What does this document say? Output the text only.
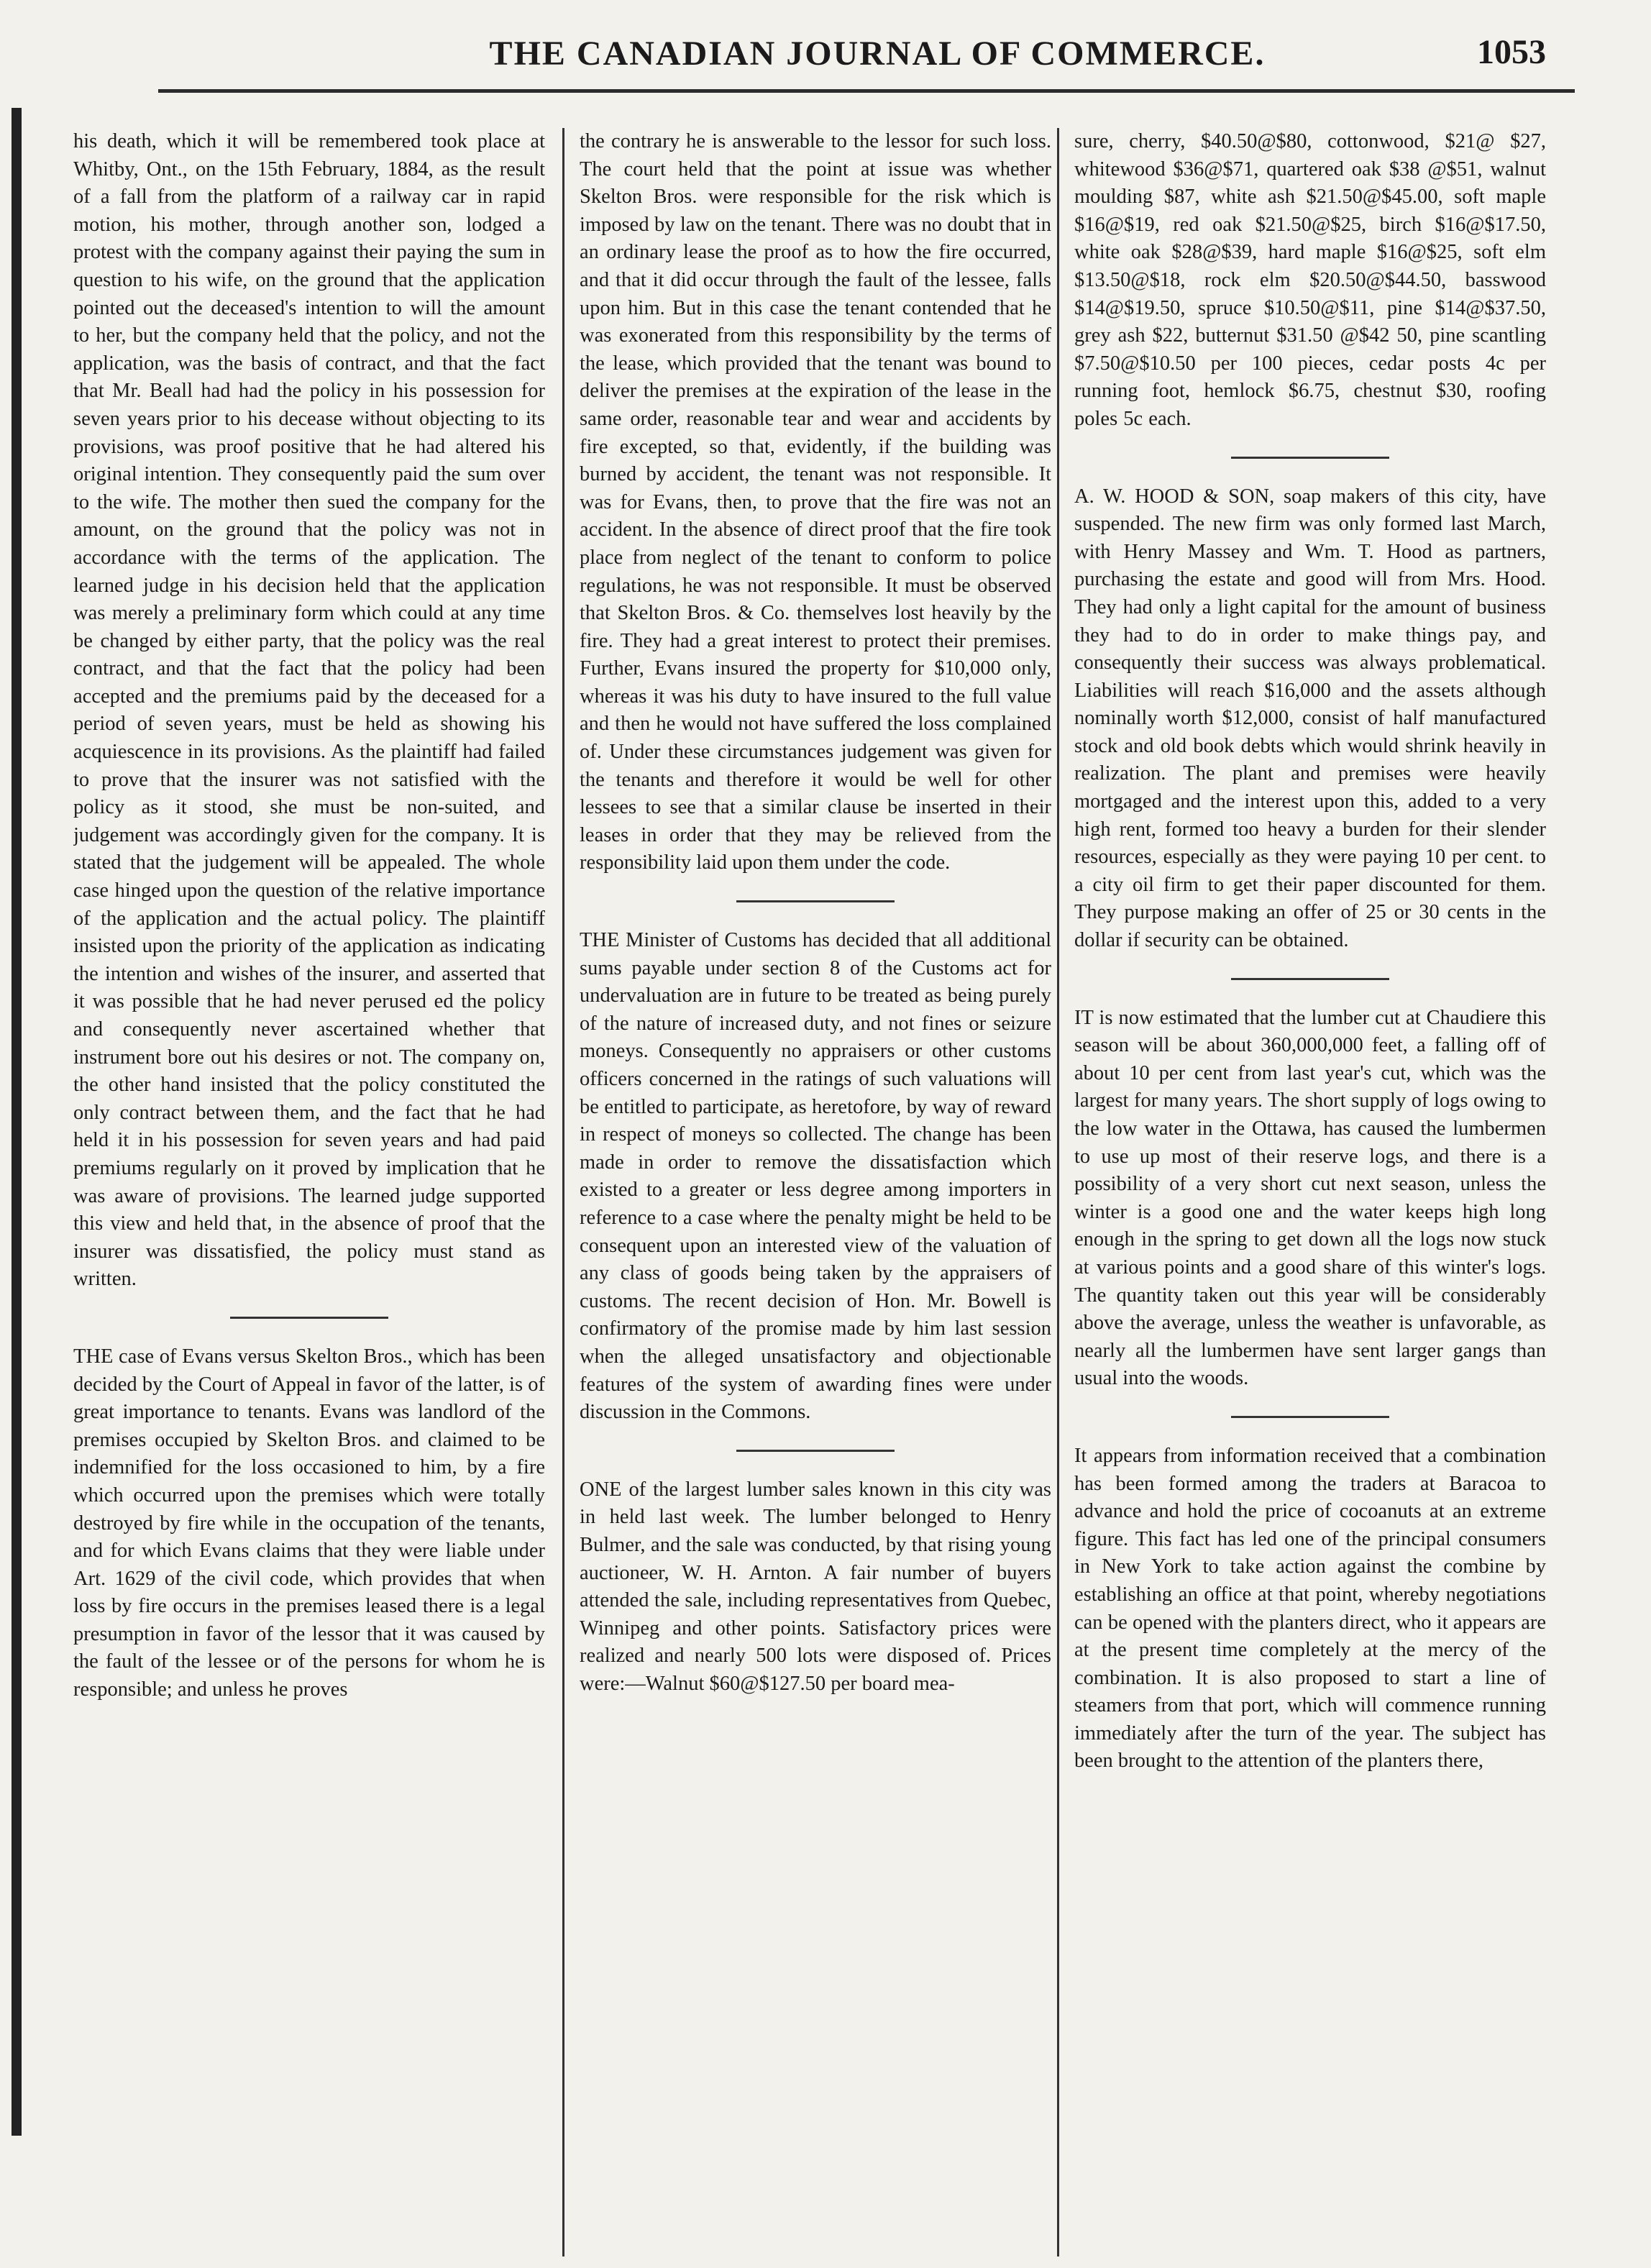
THE CANADIAN JOURNAL OF COMMERCE.	1053

his death, which it will be remembered took place at Whitby, Ont., on the 15th February, 1884, as the result of a fall from the platform of a railway car in rapid motion, his mother, through another son, lodged a protest with the company against their paying the sum in question to his wife, on the ground that the application pointed out the deceased's intention to will the amount to her, but the company held that the policy, and not the application, was the basis of contract, and that the fact that Mr. Beall had had the policy in his possession for seven years prior to his decease without objecting to its provisions, was proof positive that he had altered his original intention. They consequently paid the sum over to the wife. The mother then sued the company for the amount, on the ground that the policy was not in accordance with the terms of the application. The learned judge in his decision held that the application was merely a preliminary form which could at any time be changed by either party, that the policy was the real contract, and that the fact that the policy had been accepted and the premiums paid by the deceased for a period of seven years, must be held as showing his acquiescence in its provisions. As the plaintiff had failed to prove that the insurer was not satisfied with the policy as it stood, she must be non-suited, and judgement was accordingly given for the company. It is stated that the judgement will be appealed. The whole case hinged upon the question of the relative importance of the application and the actual policy. The plaintiff insisted upon the priority of the application as indicating the intention and wishes of the insurer, and asserted that it was possible that he had never perused ed the policy and consequently never ascertained whether that instrument bore out his desires or not. The company on, the other hand insisted that the policy constituted the only contract between them, and the fact that he had held it in his possession for seven years and had paid premiums regularly on it proved by implication that he was aware of provisions. The learned judge supported this view and held that, in the absence of proof that the insurer was dissatisfied, the policy must stand as written.

THE case of Evans versus Skelton Bros., which has been decided by the Court of Appeal in favor of the latter, is of great importance to tenants. Evans was landlord of the premises occupied by Skelton Bros. and claimed to be indemnified for the loss occasioned to him, by a fire which occurred upon the premises which were totally destroyed by fire while in the occupation of the tenants, and for which Evans claims that they were liable under Art. 1629 of the civil code, which provides that when loss by fire occurs in the premises leased there is a legal presumption in favor of the lessor that it was caused by the fault of the lessee or of the persons for whom he is responsible; and unless he proves

the contrary he is answerable to the lessor for such loss. The court held that the point at issue was whether Skelton Bros. were responsible for the risk which is imposed by law on the tenant. There was no doubt that in an ordinary lease the proof as to how the fire occurred, and that it did occur through the fault of the lessee, falls upon him. But in this case the tenant contended that he was exonerated from this responsibility by the terms of the lease, which provided that the tenant was bound to deliver the premises at the expiration of the lease in the same order, reasonable tear and wear and accidents by fire excepted, so that, evidently, if the building was burned by accident, the tenant was not responsible. It was for Evans, then, to prove that the fire was not an accident. In the absence of direct proof that the fire took place from neglect of the tenant to conform to police regulations, he was not responsible. It must be observed that Skelton Bros. & Co. themselves lost heavily by the fire. They had a great interest to protect their premises. Further, Evans insured the property for $10,000 only, whereas it was his duty to have insured to the full value and then he would not have suffered the loss complained of. Under these circumstances judgement was given for the tenants and therefore it would be well for other lessees to see that a similar clause be inserted in their leases in order that they may be relieved from the responsibility laid upon them under the code.

THE Minister of Customs has decided that all additional sums payable under section 8 of the Customs act for undervaluation are in future to be treated as being purely of the nature of increased duty, and not fines or seizure moneys. Consequently no appraisers or other customs officers concerned in the ratings of such valuations will be entitled to participate, as heretofore, by way of reward in respect of moneys so collected. The change has been made in order to remove the dissatisfaction which existed to a greater or less degree among importers in reference to a case where the penalty might be held to be consequent upon an interested view of the valuation of any class of goods being taken by the appraisers of customs. The recent decision of Hon. Mr. Bowell is confirmatory of the promise made by him last session when the alleged unsatisfactory and objectionable features of the system of awarding fines were under discussion in the Commons.

ONE of the largest lumber sales known in this city was in held last week. The lumber belonged to Henry Bulmer, and the sale was conducted, by that rising young auctioneer, W. H. Arnton. A fair number of buyers attended the sale, including representatives from Quebec, Winnipeg and other points. Satisfactory prices were realized and nearly 500 lots were disposed of. Prices were:—Walnut $60@$127.50 per board mea-

sure, cherry, $40.50@$80, cottonwood, $21@ $27, whitewood $36@$71, quartered oak $38 @$51, walnut moulding $87, white ash $21.50@$45.00, soft maple $16@$19, red oak $21.50@$25, birch $16@$17.50, white oak $28@$39, hard maple $16@$25, soft elm $13.50@$18, rock elm $20.50@$44.50, basswood $14@$19.50, spruce $10.50@$11, pine $14@$37.50, grey ash $22, butternut $31.50 @$42 50, pine scantling $7.50@$10.50 per 100 pieces, cedar posts 4c per running foot, hemlock $6.75, chestnut $30, roofing poles 5c each.

A. W. HOOD & SON, soap makers of this city, have suspended. The new firm was only formed last March, with Henry Massey and Wm. T. Hood as partners, purchasing the estate and good will from Mrs. Hood. They had only a light capital for the amount of business they had to do in order to make things pay, and consequently their success was always problematical. Liabilities will reach $16,000 and the assets although nominally worth $12,000, consist of half manufactured stock and old book debts which would shrink heavily in realization. The plant and premises were heavily mortgaged and the interest upon this, added to a very high rent, formed too heavy a burden for their slender resources, especially as they were paying 10 per cent. to a city oil firm to get their paper discounted for them. They purpose making an offer of 25 or 30 cents in the dollar if security can be obtained.

IT is now estimated that the lumber cut at Chaudiere this season will be about 360,000,000 feet, a falling off of about 10 per cent from last year's cut, which was the largest for many years. The short supply of logs owing to the low water in the Ottawa, has caused the lumbermen to use up most of their reserve logs, and there is a possibility of a very short cut next season, unless the winter is a good one and the water keeps high long enough in the spring to get down all the logs now stuck at various points and a good share of this winter's logs. The quantity taken out this year will be considerably above the average, unless the weather is unfavorable, as nearly all the lumbermen have sent larger gangs than usual into the woods.

It appears from information received that a combination has been formed among the traders at Baracoa to advance and hold the price of cocoanuts at an extreme figure. This fact has led one of the principal consumers in New York to take action against the combine by establishing an office at that point, whereby negotiations can be opened with the planters direct, who it appears are at the present time completely at the mercy of the combination. It is also proposed to start a line of steamers from that port, which will commence running immediately after the turn of the year. The subject has been brought to the attention of the planters there,
